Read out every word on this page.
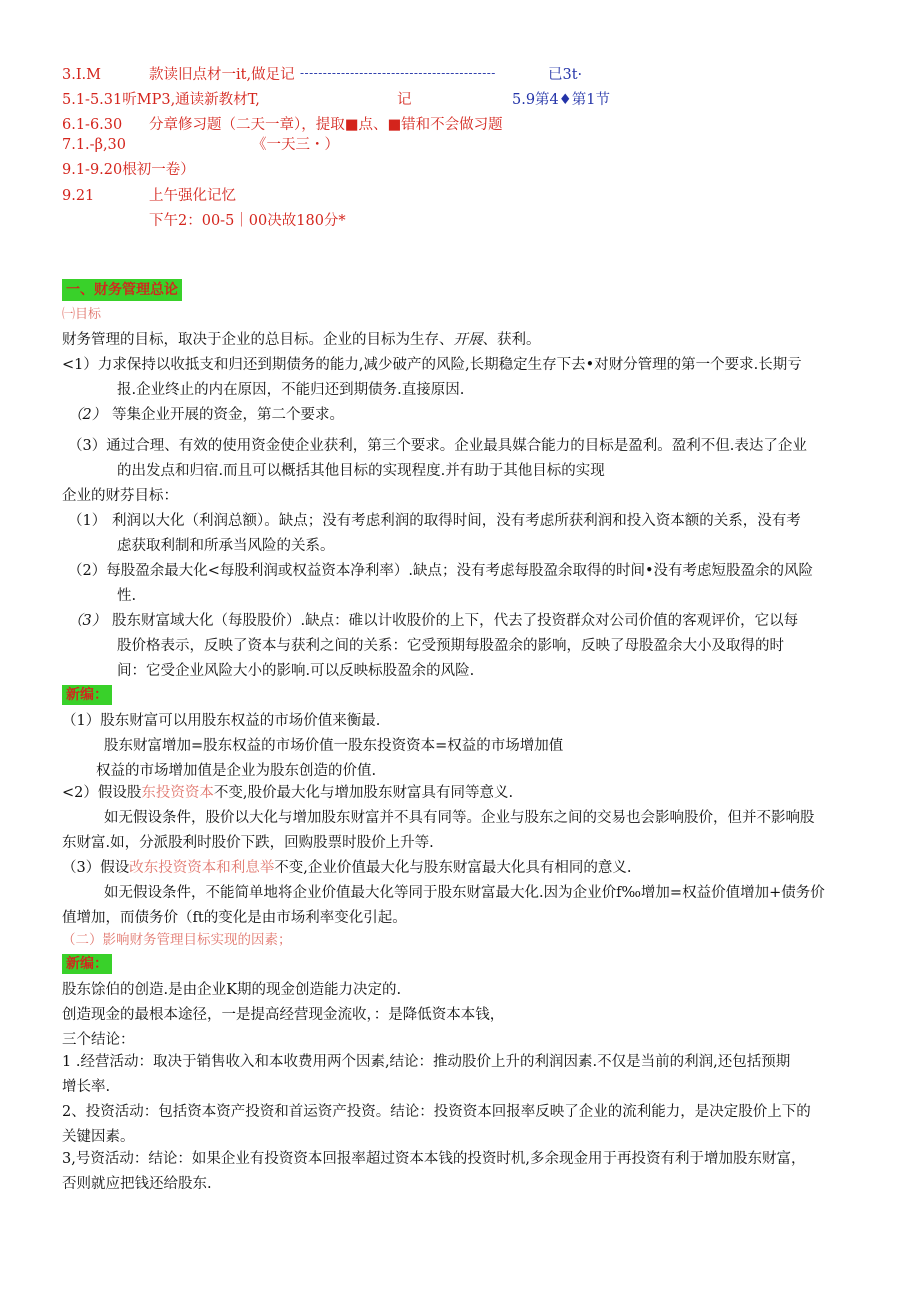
3.I.M	款读旧点材一it,做足记 -------------------------------------------	已3t·
5.1-5.31听MP3,通读新教材T,	记	5.9第4♦第1节
6.1-6.30 分章修习题（二天一章），提取■点、■错和不会做习题
7.1.-β,30	《一天三・）
9.1-9.20根初一卷）
9.21	上午强化记忆
下午2：00-5｜00决故180分*
一、财务管理总论
㈠目标
财务管理的目标，取决于企业的总目标。企业的目标为生存、开展、获利。
<1）力求保持以收抵支和归还到期债务的能力,减少破产的风险,长期稳定生存下去•对财分管理的第一个要求.长期亏
报.企业终止的内在原因，不能归还到期债务.直接原因.
（2） 等集企业开展的资金，第二个要求。
（3）通过合理、有效的使用资金使企业获利，第三个要求。企业最具媒合能力的目标是盈利。盈利不但.表达了企业
的出发点和归宿.而且可以概括其他目标的实现程度.并有助于其他目标的实现
企业的财芬目标：
（1） 利润以大化（利润总额）。缺点；没有考虑利润的取得时间，没有考虑所获利润和投入资本额的关系，没有考
虑获取利制和所承当风险的关系。
（2）每股盈余最大化<每股利润或权益资本净利率）.缺点；没有考虑每股盈余取得的时间•没有考虑短股盈余的风险
性.
（3） 股东财富域大化（每股股价）.缺点：碓以计收股价的上下，代去了投资群众对公司价值的客观评价，它以每
股价格表示，反映了资本与获利之间的关系：它受预期每股盈余的影响，反映了母股盈余大小及取得的时
间：它受企业风险大小的影响.可以反映标股盈余的风险.
新编：
（1）股东财富可以用股东权益的市场价值来衡最.
股东财富增加=股东权益的市场价值一股东投资资本=权益的市场增加值
权益的市场增加值是企业为股东创造的价值.
<2）假设股东投资资本不变,股价最大化与增加股东财富具有同等意义.
如无假设条件，股价以大化与增加股东财富并不具有同等。企业与股东之间的交易也会影响股价，但并不影响股
东财富.如，分派股利时股价下跌，回购股票时股价上升等.
（3）假设改东投资资本和利息举不变,企业价值最大化与股东财富最大化具有相同的意义.
如无假设条件，不能简单地将企业价值最大化等同于股东财富最大化.因为企业价f‰增加=权益价值增加+债务价
值增加，而债务价（ft的变化是由市场利率变化引起。
（二）影响财务管理目标实现的因素；
新编：
股东馀伯的创造.是由企业K期的现金创造能力决定的.
创造现金的最根本途径，一是提高经营现金流收，：是降低资本本钱，
三个结论：
1 .经营活动：取决于销售收入和本收费用两个因素,结论：推动股价上升的利润因素.不仅是当前的利润,还包括预期
增长率.
2、投资活动：包括资本资产投资和首运资产投资。结论：投资资本回报率反映了企业的流利能力，是决定股价上下的
关键因素。
3,号资活动：结论：如果企业有投资资本回报率超过资本本钱的投资时机,多余现金用于再投资有利于增加股东财富，
否则就应把钱还给股东.
